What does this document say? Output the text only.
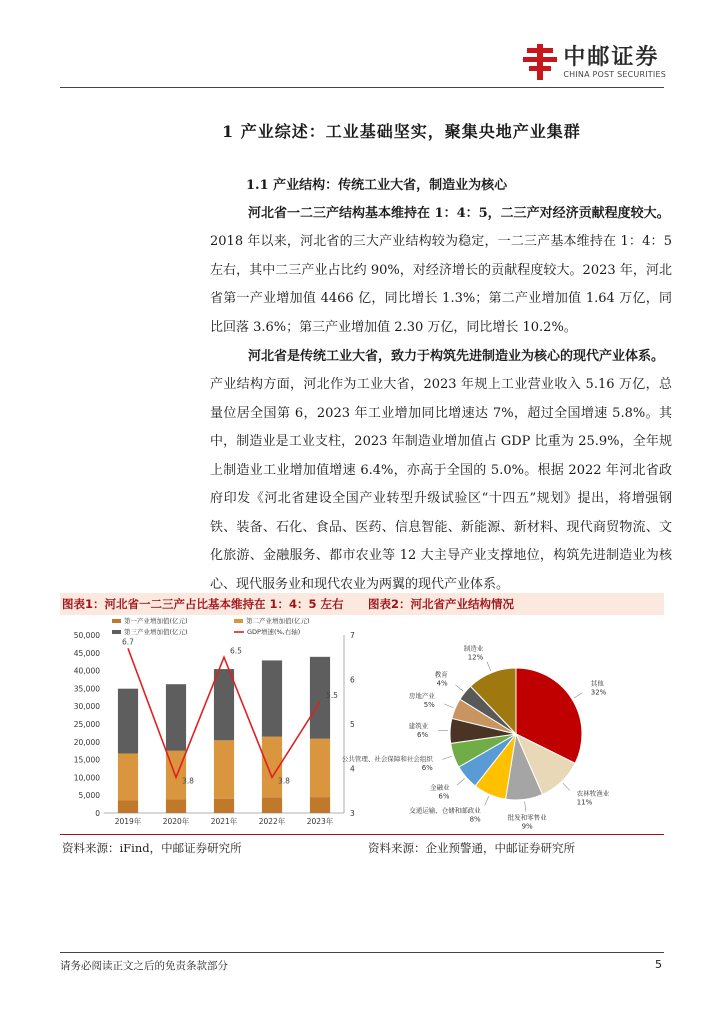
中邮证券
CHINA POST SECURITIES
1 产业综述：工业基础坚实，聚集央地产业集群
1.1 产业结构：传统工业大省，制造业为核心
河北省一二三产结构基本维持在 1：4：5，二三产对经济贡献程度较大。

2018 年以来，河北省的三大产业结构较为稳定，一二三产基本维持在 1：4：5 左右，其中二三产业占比约 90%，对经济增长的贡献程度较大。2023 年，河北省第一产业增加值 4466 亿，同比增长 1.3%；第二产业增加值 1.64 万亿，同比回落 3.6%；第三产业增加值 2.30 万亿，同比增长 10.2%。

河北省是传统工业大省，致力于构筑先进制造业为核心的现代产业体系。

产业结构方面，河北作为工业大省，2023 年规上工业营业收入 5.16 万亿，总量位居全国第 6，2023 年工业增加同比增速达 7%，超过全国增速 5.8%。其中，制造业是工业支柱，2023 年制造业增加值占 GDP 比重为 25.9%，全年规上制造业工业增加值增速 6.4%，亦高于全国的 5.0%。根据 2022 年河北省政府印发《河北省建设全国产业转型升级试验区“十四五”规划》提出，将增强钢铁、装备、石化、食品、医药、信息智能、新能源、新材料、现代商贸物流、文化旅游、金融服务、都市农业等 12 大主导产业支撑地位，构筑先进制造业为核心、现代服务业和现代农业为两翼的现代产业体系。

图表1：河北省一二三产占比基本维持在 1：4：5 左右 图表2：河北省产业结构情况
0
5,000
10,000
15,000
20,000
25,000
30,000
35,000
40,000
45,000
50,000
3
4
5
6
7
2019年	2020年	2021年	2022年	2023年
6.7
3.8
6.5
3.8
5.5
第一产业增加值(亿元)	第二产业增加值(亿元)
第三产业增加值(亿元)	GDP增速(%,右轴)
其他
32%
农林牧渔业
11%
批发和零售业
9%
交通运输、仓储和邮政业
8%
金融业
6%
公共管理、社会保障和社会组织
6%
建筑业
6%
房地产业
5%
教育
4%
制造业
12%
资料来源：iFind，中邮证券研究所	资料来源：企业预警通，中邮证券研究所
请务必阅读正文之后的免责条款部分	5
